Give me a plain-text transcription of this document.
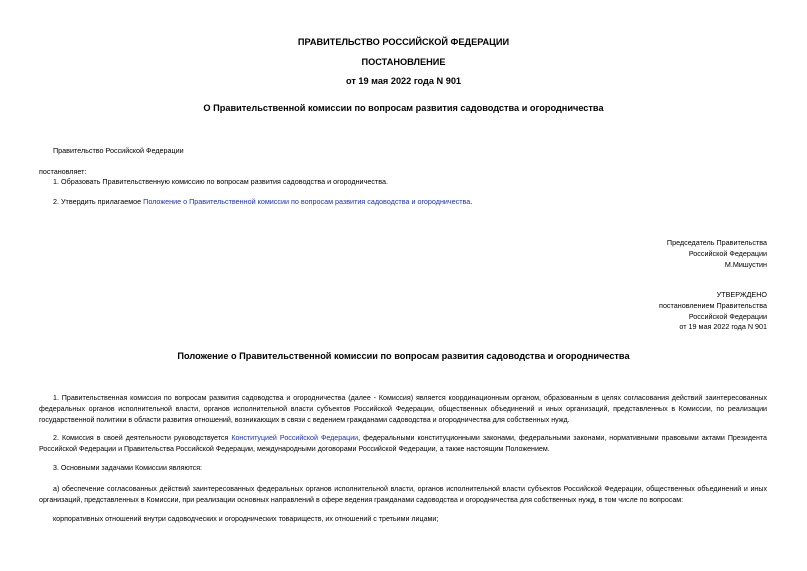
ПРАВИТЕЛЬСТВО РОССИЙСКОЙ ФЕДЕРАЦИИ
ПОСТАНОВЛЕНИЕ
от 19 мая 2022 года N 901
О Правительственной комиссии по вопросам развития садоводства и огородничества
Правительство Российской Федерации
постановляет:
1. Образовать Правительственную комиссию по вопросам развития садоводства и огородничества.
2. Утвердить прилагаемое Положение о Правительственной комиссии по вопросам развития садоводства и огородничества.
Председатель Правительства
Российской Федерации
М.Мишустин
УТВЕРЖДЕНО
постановлением Правительства
Российской Федерации
от 19 мая 2022 года N 901
Положение о Правительственной комиссии по вопросам развития садоводства и огородничества
1. Правительственная комиссия по вопросам развития садоводства и огородничества (далее - Комиссия) является координационным органом, образованным в целях согласования действий заинтересованных федеральных органов исполнительной власти, органов исполнительной власти субъектов Российской Федерации, общественных объединений и иных организаций, представленных в Комиссии, по реализации государственной политики в области развития отношений, возникающих в связи с ведением гражданами садоводства и огородничества для собственных нужд.
2. Комиссия в своей деятельности руководствуется Конституцией Российской Федерации, федеральными конституционными законами, федеральными законами, нормативными правовыми актами Президента Российской Федерации и Правительства Российской Федерации, международными договорами Российской Федерации, а также настоящим Положением.
3. Основными задачами Комиссии являются:
а) обеспечение согласованных действий заинтересованных федеральных органов исполнительной власти, органов исполнительной власти субъектов Российской Федерации, общественных объединений и иных организаций, представленных в Комиссии, при реализации основных направлений в сфере ведения гражданами садоводства и огородничества для собственных нужд, в том числе по вопросам:
корпоративных отношений внутри садоводческих и огороднических товариществ, их отношений с третьими лицами;
